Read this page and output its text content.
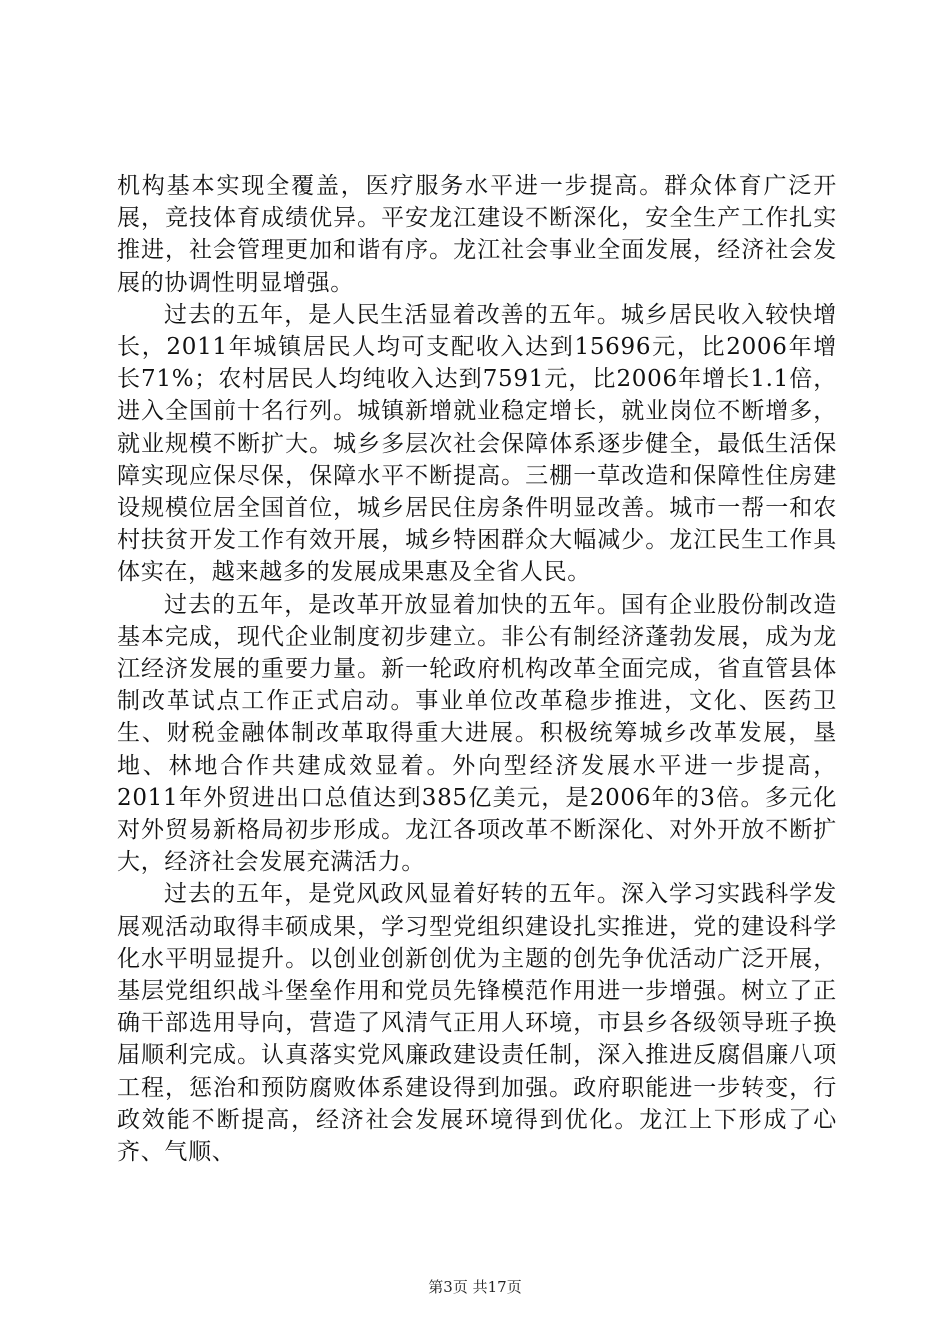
机构基本实现全覆盖，医疗服务水平进一步提高。群众体育广泛开展，竞技体育成绩优异。平安龙江建设不断深化，安全生产工作扎实推进，社会管理更加和谐有序。龙江社会事业全面发展，经济社会发展的协调性明显增强。

过去的五年，是人民生活显着改善的五年。城乡居民收入较快增长，2011年城镇居民人均可支配收入达到15696元，比2006年增长71%；农村居民人均纯收入达到7591元，比2006年增长1.1倍，进入全国前十名行列。城镇新增就业稳定增长，就业岗位不断增多，就业规模不断扩大。城乡多层次社会保障体系逐步健全，最低生活保障实现应保尽保，保障水平不断提高。三棚一草改造和保障性住房建设规模位居全国首位，城乡居民住房条件明显改善。城市一帮一和农村扶贫开发工作有效开展，城乡特困群众大幅减少。龙江民生工作具体实在，越来越多的发展成果惠及全省人民。

过去的五年，是改革开放显着加快的五年。国有企业股份制改造基本完成，现代企业制度初步建立。非公有制经济蓬勃发展，成为龙江经济发展的重要力量。新一轮政府机构改革全面完成，省直管县体制改革试点工作正式启动。事业单位改革稳步推进，文化、医药卫生、财税金融体制改革取得重大进展。积极统筹城乡改革发展，垦地、林地合作共建成效显着。外向型经济发展水平进一步提高，2011年外贸进出口总值达到385亿美元，是2006年的3倍。多元化对外贸易新格局初步形成。龙江各项改革不断深化、对外开放不断扩大，经济社会发展充满活力。

过去的五年，是党风政风显着好转的五年。深入学习实践科学发展观活动取得丰硕成果，学习型党组织建设扎实推进，党的建设科学化水平明显提升。以创业创新创优为主题的创先争优活动广泛开展，基层党组织战斗堡垒作用和党员先锋模范作用进一步增强。树立了正确干部选用导向，营造了风清气正用人环境，市县乡各级领导班子换届顺利完成。认真落实党风廉政建设责任制，深入推进反腐倡廉八项工程，惩治和预防腐败体系建设得到加强。政府职能进一步转变，行政效能不断提高，经济社会发展环境得到优化。龙江上下形成了心齐、气顺、

第3页 共17页
